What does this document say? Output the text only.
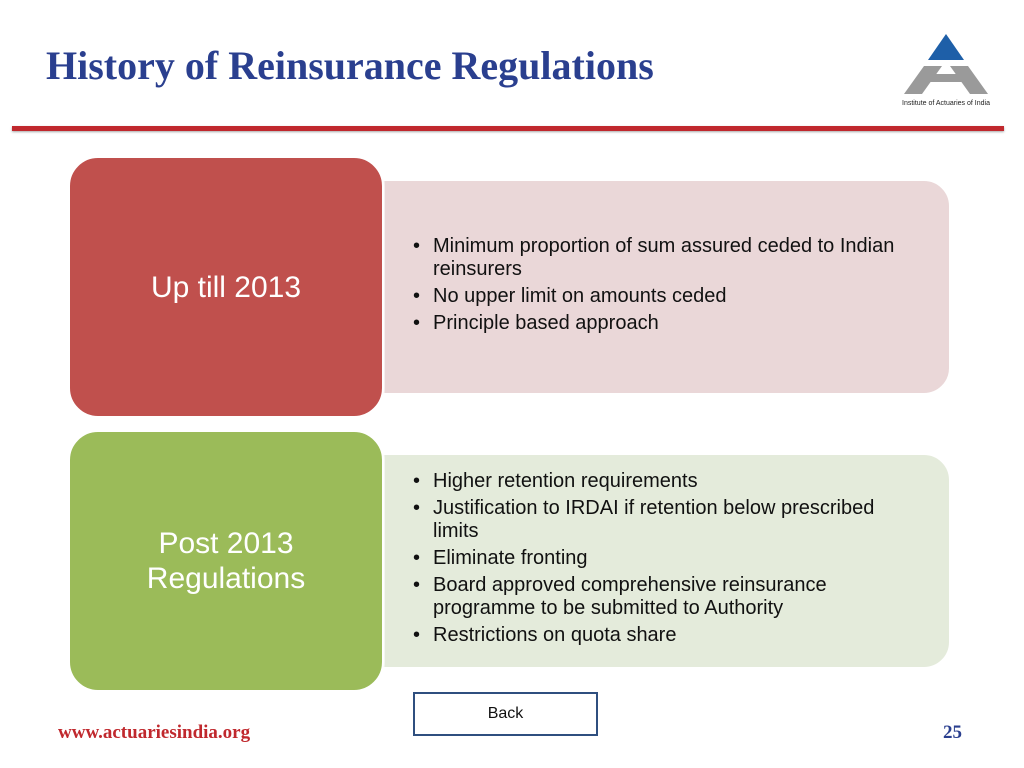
History of Reinsurance Regulations
Institute of Actuaries of India
• Minimum proportion of sum assured ceded to Indian reinsurers
• No upper limit on amounts ceded
• Principle based approach
Up till 2013
• Higher retention requirements
• Justification to IRDAI if retention below prescribed limits
• Eliminate fronting
• Board approved comprehensive reinsurance programme to be submitted to Authority
• Restrictions on quota share
Post 2013
Regulations
Back
www.actuariesindia.org	25
